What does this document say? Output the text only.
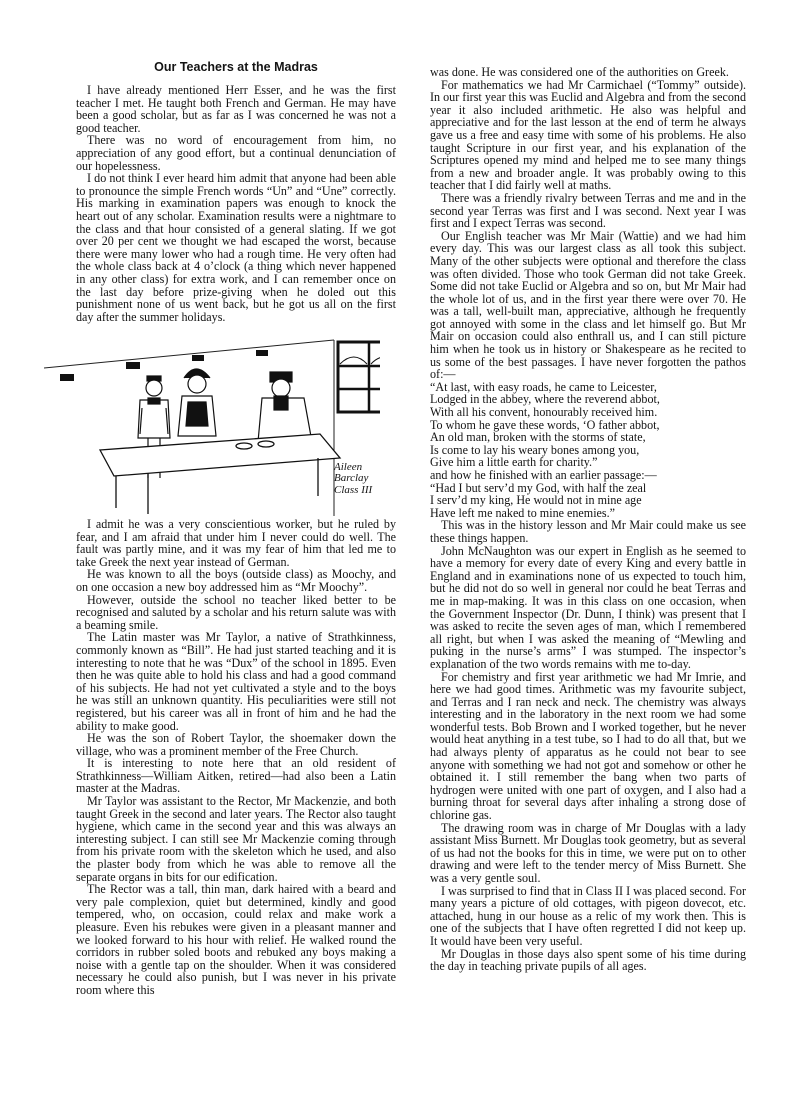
Our Teachers at the Madras

I have already mentioned Herr Esser, and he was the first teacher I met. He taught both French and German. He may have been a good scholar, but as far as I was concerned he was not a good teacher.

There was no word of encouragement from him, no appreciation of any good effort, but a continual denunciation of our hopelessness.

I do not think I ever heard him admit that anyone had been able to pronounce the simple French words “Un” and “Une” correctly. His marking in examination papers was enough to knock the heart out of any scholar. Examination results were a nightmare to the class and that hour consisted of a general slating. If we got over 20 per cent we thought we had escaped the worst, because there were many lower who had a rough time. He very often had the whole class back at 4 o’clock (a thing which never happened in any other class) for extra work, and I can remember once on the last day before prize-giving when he doled out this punishment none of us went back, but he got us all on the first day after the summer holidays.

Aileen
Barclay
Class III

I admit he was a very conscientious worker, but he ruled by fear, and I am afraid that under him I never could do well. The fault was partly mine, and it was my fear of him that led me to take Greek the next year instead of German.

He was known to all the boys (outside class) as Moochy, and on one occasion a new boy addressed him as “Mr Moochy”.

However, outside the school no teacher liked better to be recognised and saluted by a scholar and his return salute was with a beaming smile.

The Latin master was Mr Taylor, a native of Strathkinness, commonly known as “Bill”. He had just started teaching and it is interesting to note that he was “Dux” of the school in 1895. Even then he was quite able to hold his class and had a good command of his subjects. He had not yet cultivated a style and to the boys he was still an unknown quantity. His peculiarities were still not registered, but his career was all in front of him and he had the ability to make good.

He was the son of Robert Taylor, the shoemaker down the village, who was a prominent member of the Free Church.

It is interesting to note here that an old resident of Strathkinness—William Aitken, retired—had also been a Latin master at the Madras.

Mr Taylor was assistant to the Rector, Mr Mackenzie, and both taught Greek in the second and later years. The Rector also taught hygiene, which came in the second year and this was always an interesting subject. I can still see Mr Mackenzie coming through from his private room with the skeleton which he used, and also the plaster body from which he was able to remove all the separate organs in bits for our edification.

The Rector was a tall, thin man, dark haired with a beard and very pale complexion, quiet but determined, kindly and good tempered, who, on occasion, could relax and make work a pleasure. Even his rebukes were given in a pleasant manner and we looked forward to his hour with relief. He walked round the corridors in rubber soled boots and rebuked any boys making a noise with a gentle tap on the shoulder. When it was considered necessary he could also punish, but I was never in his private room where this

was done. He was considered one of the authorities on Greek.

For mathematics we had Mr Carmichael (“Tommy” outside). In our first year this was Euclid and Algebra and from the second year it also included arithmetic. He also was helpful and appreciative and for the last lesson at the end of term he always gave us a free and easy time with some of his problems. He also taught Scripture in our first year, and his explanation of the Scriptures opened my mind and helped me to see many things from a new and broader angle. It was probably owing to this teacher that I did fairly well at maths.

There was a friendly rivalry between Terras and me and in the second year Terras was first and I was second. Next year I was first and I expect Terras was second.

Our English teacher was Mr Mair (Wattie) and we had him every day. This was our largest class as all took this subject. Many of the other subjects were optional and therefore the class was often divided. Those who took German did not take Greek. Some did not take Euclid or Algebra and so on, but Mr Mair had the whole lot of us, and in the first year there were over 70. He was a tall, well-built man, appreciative, although he frequently got annoyed with some in the class and let himself go. But Mr Mair on occasion could also enthrall us, and I can still picture him when he took us in history or Shakespeare as he recited to us some of the best passages. I have never forgotten the pathos of:—

“At last, with easy roads, he came to Leicester,
Lodged in the abbey, where the reverend abbot,
With all his convent, honourably received him.
To whom he gave these words, ‘O father abbot,
An old man, broken with the storms of state,
Is come to lay his weary bones among you,
Give him a little earth for charity.”
and how he finished with an earlier passage:—
“Had I but serv’d my God, with half the zeal
I serv’d my king, He would not in mine age
Have left me naked to mine enemies.”

This was in the history lesson and Mr Mair could make us see these things happen.

John McNaughton was our expert in English as he seemed to have a memory for every date of every King and every battle in England and in examinations none of us expected to touch him, but he did not do so well in general nor could he beat Terras and me in map-making. It was in this class on one occasion, when the Government Inspector (Dr. Dunn, I think) was present that I was asked to recite the seven ages of man, which I remembered all right, but when I was asked the meaning of “Mewling and puking in the nurse’s arms” I was stumped. The inspector’s explanation of the two words remains with me to-day.

For chemistry and first year arithmetic we had Mr Imrie, and here we had good times. Arithmetic was my favourite subject, and Terras and I ran neck and neck. The chemistry was always interesting and in the laboratory in the next room we had some wonderful tests. Bob Brown and I worked together, but he never would heat anything in a test tube, so I had to do all that, but we had always plenty of apparatus as he could not bear to see anyone with something we had not got and somehow or other he obtained it. I still remember the bang when two parts of hydrogen were united with one part of oxygen, and I also had a burning throat for several days after inhaling a strong dose of chlorine gas.

The drawing room was in charge of Mr Douglas with a lady assistant Miss Burnett. Mr Douglas took geometry, but as several of us had not the books for this in time, we were put on to other drawing and were left to the tender mercy of Miss Burnett. She was a very gentle soul.

I was surprised to find that in Class II I was placed second. For many years a picture of old cottages, with pigeon dovecot, etc. attached, hung in our house as a relic of my work then. This is one of the subjects that I have often regretted I did not keep up. It would have been very useful.

Mr Douglas in those days also spent some of his time during the day in teaching private pupils of all ages.
